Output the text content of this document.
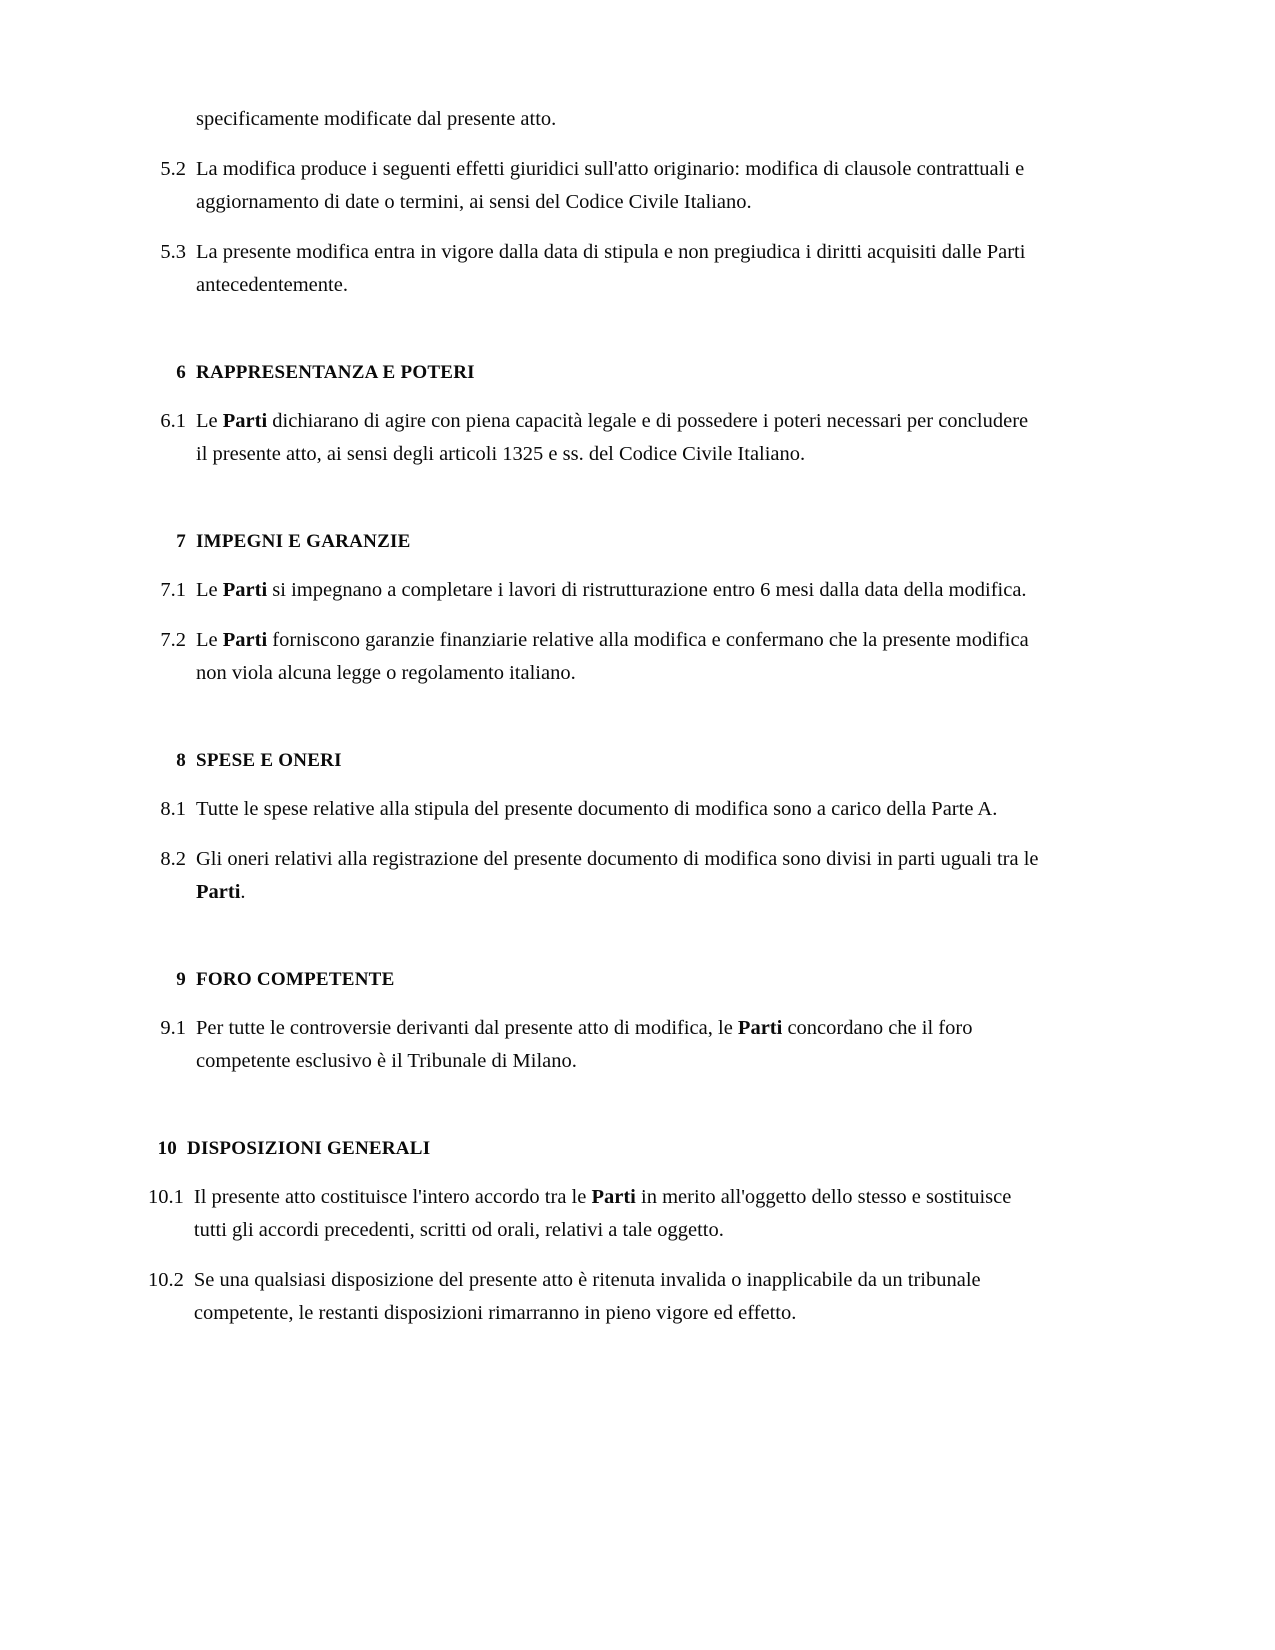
specificamente modificate dal presente atto.

5.2 La modifica produce i seguenti effetti giuridici sull'atto originario: modifica di clausole contrattuali e aggiornamento di date o termini, ai sensi del Codice Civile Italiano.
5.3 La presente modifica entra in vigore dalla data di stipula e non pregiudica i diritti acquisiti dalle Parti antecedentemente.
6 RAPPRESENTANZA E POTERI
6.1 Le Parti dichiarano di agire con piena capacità legale e di possedere i poteri necessari per concludere il presente atto, ai sensi degli articoli 1325 e ss. del Codice Civile Italiano.
7 IMPEGNI E GARANZIE
7.1 Le Parti si impegnano a completare i lavori di ristrutturazione entro 6 mesi dalla data della modifica.
7.2 Le Parti forniscono garanzie finanziarie relative alla modifica e confermano che la presente modifica non viola alcuna legge o regolamento italiano.
8 SPESE E ONERI
8.1 Tutte le spese relative alla stipula del presente documento di modifica sono a carico della Parte A.
8.2 Gli oneri relativi alla registrazione del presente documento di modifica sono divisi in parti uguali tra le Parti.
9 FORO COMPETENTE
9.1 Per tutte le controversie derivanti dal presente atto di modifica, le Parti concordano che il foro competente esclusivo è il Tribunale di Milano.
10 DISPOSIZIONI GENERALI
10.1 Il presente atto costituisce l'intero accordo tra le Parti in merito all'oggetto dello stesso e sostituisce tutti gli accordi precedenti, scritti od orali, relativi a tale oggetto.
10.2 Se una qualsiasi disposizione del presente atto è ritenuta invalida o inapplicabile da un tribunale competente, le restanti disposizioni rimarranno in pieno vigore ed effetto.
